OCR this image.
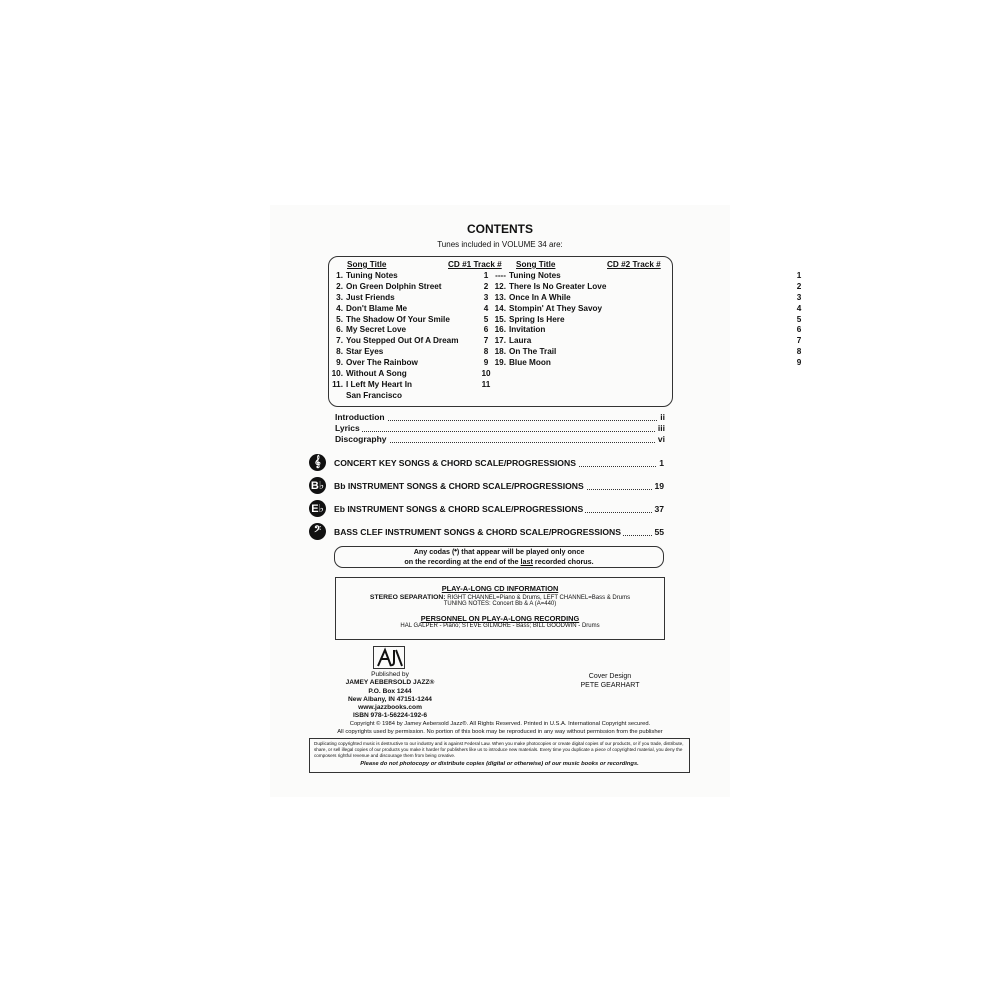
CONTENTS
Tunes included in VOLUME 34 are:
Song Title	CD #1 Track # Song Title	CD #2 Track #
1. Tuning Notes	1
2. On Green Dolphin Street	2
3. Just Friends	3
4. Don't Blame Me	4
5. The Shadow Of Your Smile	5
6. My Secret Love	6
7. You Stepped Out Of A Dream	7
8. Star Eyes	8
9. Over The Rainbow	9
10. Without A Song	10
11. I Left My Heart In	11
San Francisco
---- Tuning Notes	1
12. There Is No Greater Love	2
13. Once In A While	3
14. Stompin' At They Savoy	4
15. Spring Is Here	5
16. Invitation	6
17. Laura	7
18. On The Trail	8
19. Blue Moon	9
Introduction	ii
Lyrics	iii
Discography	vi
𝄞	CONCERT KEY SONGS & CHORD SCALE/PROGRESSIONS	1
B♭ Bb INSTRUMENT SONGS & CHORD SCALE/PROGRESSIONS	19
E♭ Eb INSTRUMENT SONGS & CHORD SCALE/PROGRESSIONS	37
𝄢	BASS CLEF INSTRUMENT SONGS & CHORD SCALE/PROGRESSIONS	55
Any codas (𝄌) that appear will be played only once
on the recording at the end of the last recorded chorus.
PLAY-A-LONG CD INFORMATION
STEREO SEPARATION: RIGHT CHANNEL=Piano & Drums, LEFT CHANNEL=Bass & Drums
TUNING NOTES: Concert Bb & A (A=440)
PERSONNEL ON PLAY-A-LONG RECORDING
HAL GALPER - Piano; STEVE GILMORE - Bass; BILL GOODWIN - Drums
Published by
JAMEY AEBERSOLD JAZZ®
P.O. Box 1244
New Albany, IN 47151-1244
www.jazzbooks.com
ISBN 978-1-56224-192-6
Cover Design
PETE GEARHART
Copyright © 1984 by Jamey Aebersold Jazz®. All Rights Reserved. Printed in U.S.A. International Copyright secured.
All copyrights used by permission. No portion of this book may be reproduced in any way without permission from the publisher
Duplicating copyrighted music is destructive to our industry and is against Federal Law. When you make photocopies or create digital copies of our products, or if you trade, distribute, share, or sell illegal copies of our products you make it harder for publishers like us to introduce new materials. Every time you duplicate a piece of copyrighted material, you deny the composers rightful revenue and discourage them from being creative.
Please do not photocopy or distribute copies (digital or otherwise) of our music books or recordings.
